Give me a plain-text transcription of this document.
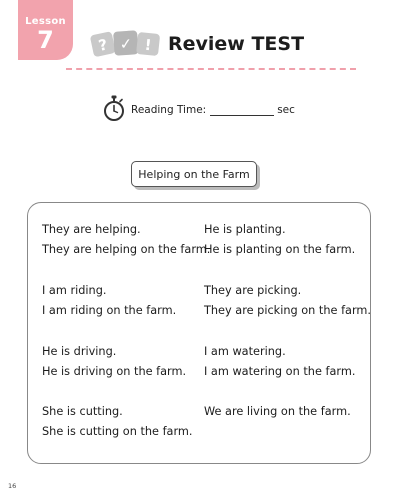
Lesson
7	? ✓ ! Review TEST
Reading Time:	sec
Helping on the Farm
They are helping.
They are helping on the farm.
I am riding.
I am riding on the farm.
He is driving.
He is driving on the farm.
She is cutting.
She is cutting on the farm.
He is planting.
He is planting on the farm.
They are picking.
They are picking on the farm.
I am watering.
I am watering on the farm.
We are living on the farm.
16
